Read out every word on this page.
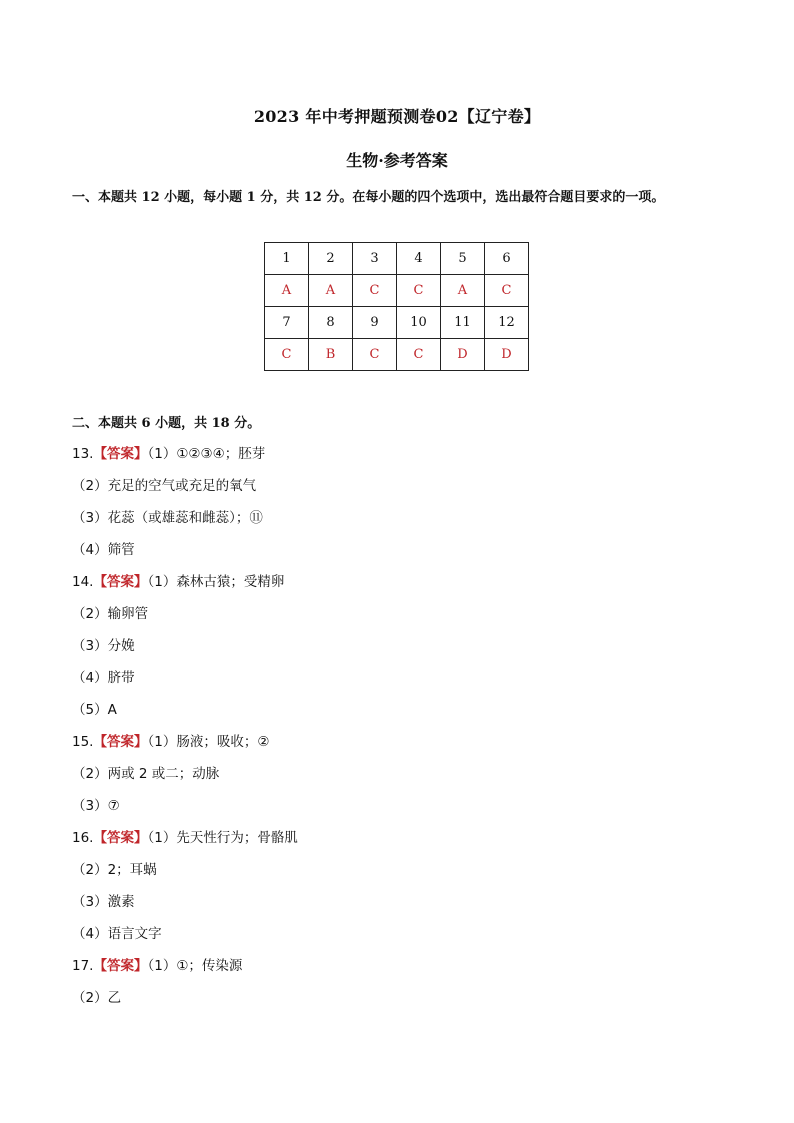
2023 年中考押题预测卷02【辽宁卷】
生物·参考答案
一、本题共 12 小题，每小题 1 分，共 12 分。在每小题的四个选项中，选出最符合题目要求的一项。
1	2	3	4	5	6
A	A	C	C	A	C
7	8	9	10	11	12
C	B	C	C	D	D
二、本题共 6 小题，共 18 分。
13.【答案】（1）①②③④；胚芽
（2）充足的空气或充足的氧气
（3）花蕊（或雄蕊和雌蕊）；⑪
（4）筛管
14.【答案】（1）森林古猿；受精卵
（2）输卵管
（3）分娩
（4）脐带
（5）A
15.【答案】（1）肠液；吸收；②
（2）两或 2 或二；动脉
（3）⑦
16.【答案】（1）先天性行为；骨骼肌
（2）2；耳蜗
（3）激素
（4）语言文字
17.【答案】（1）①；传染源
（2）乙
